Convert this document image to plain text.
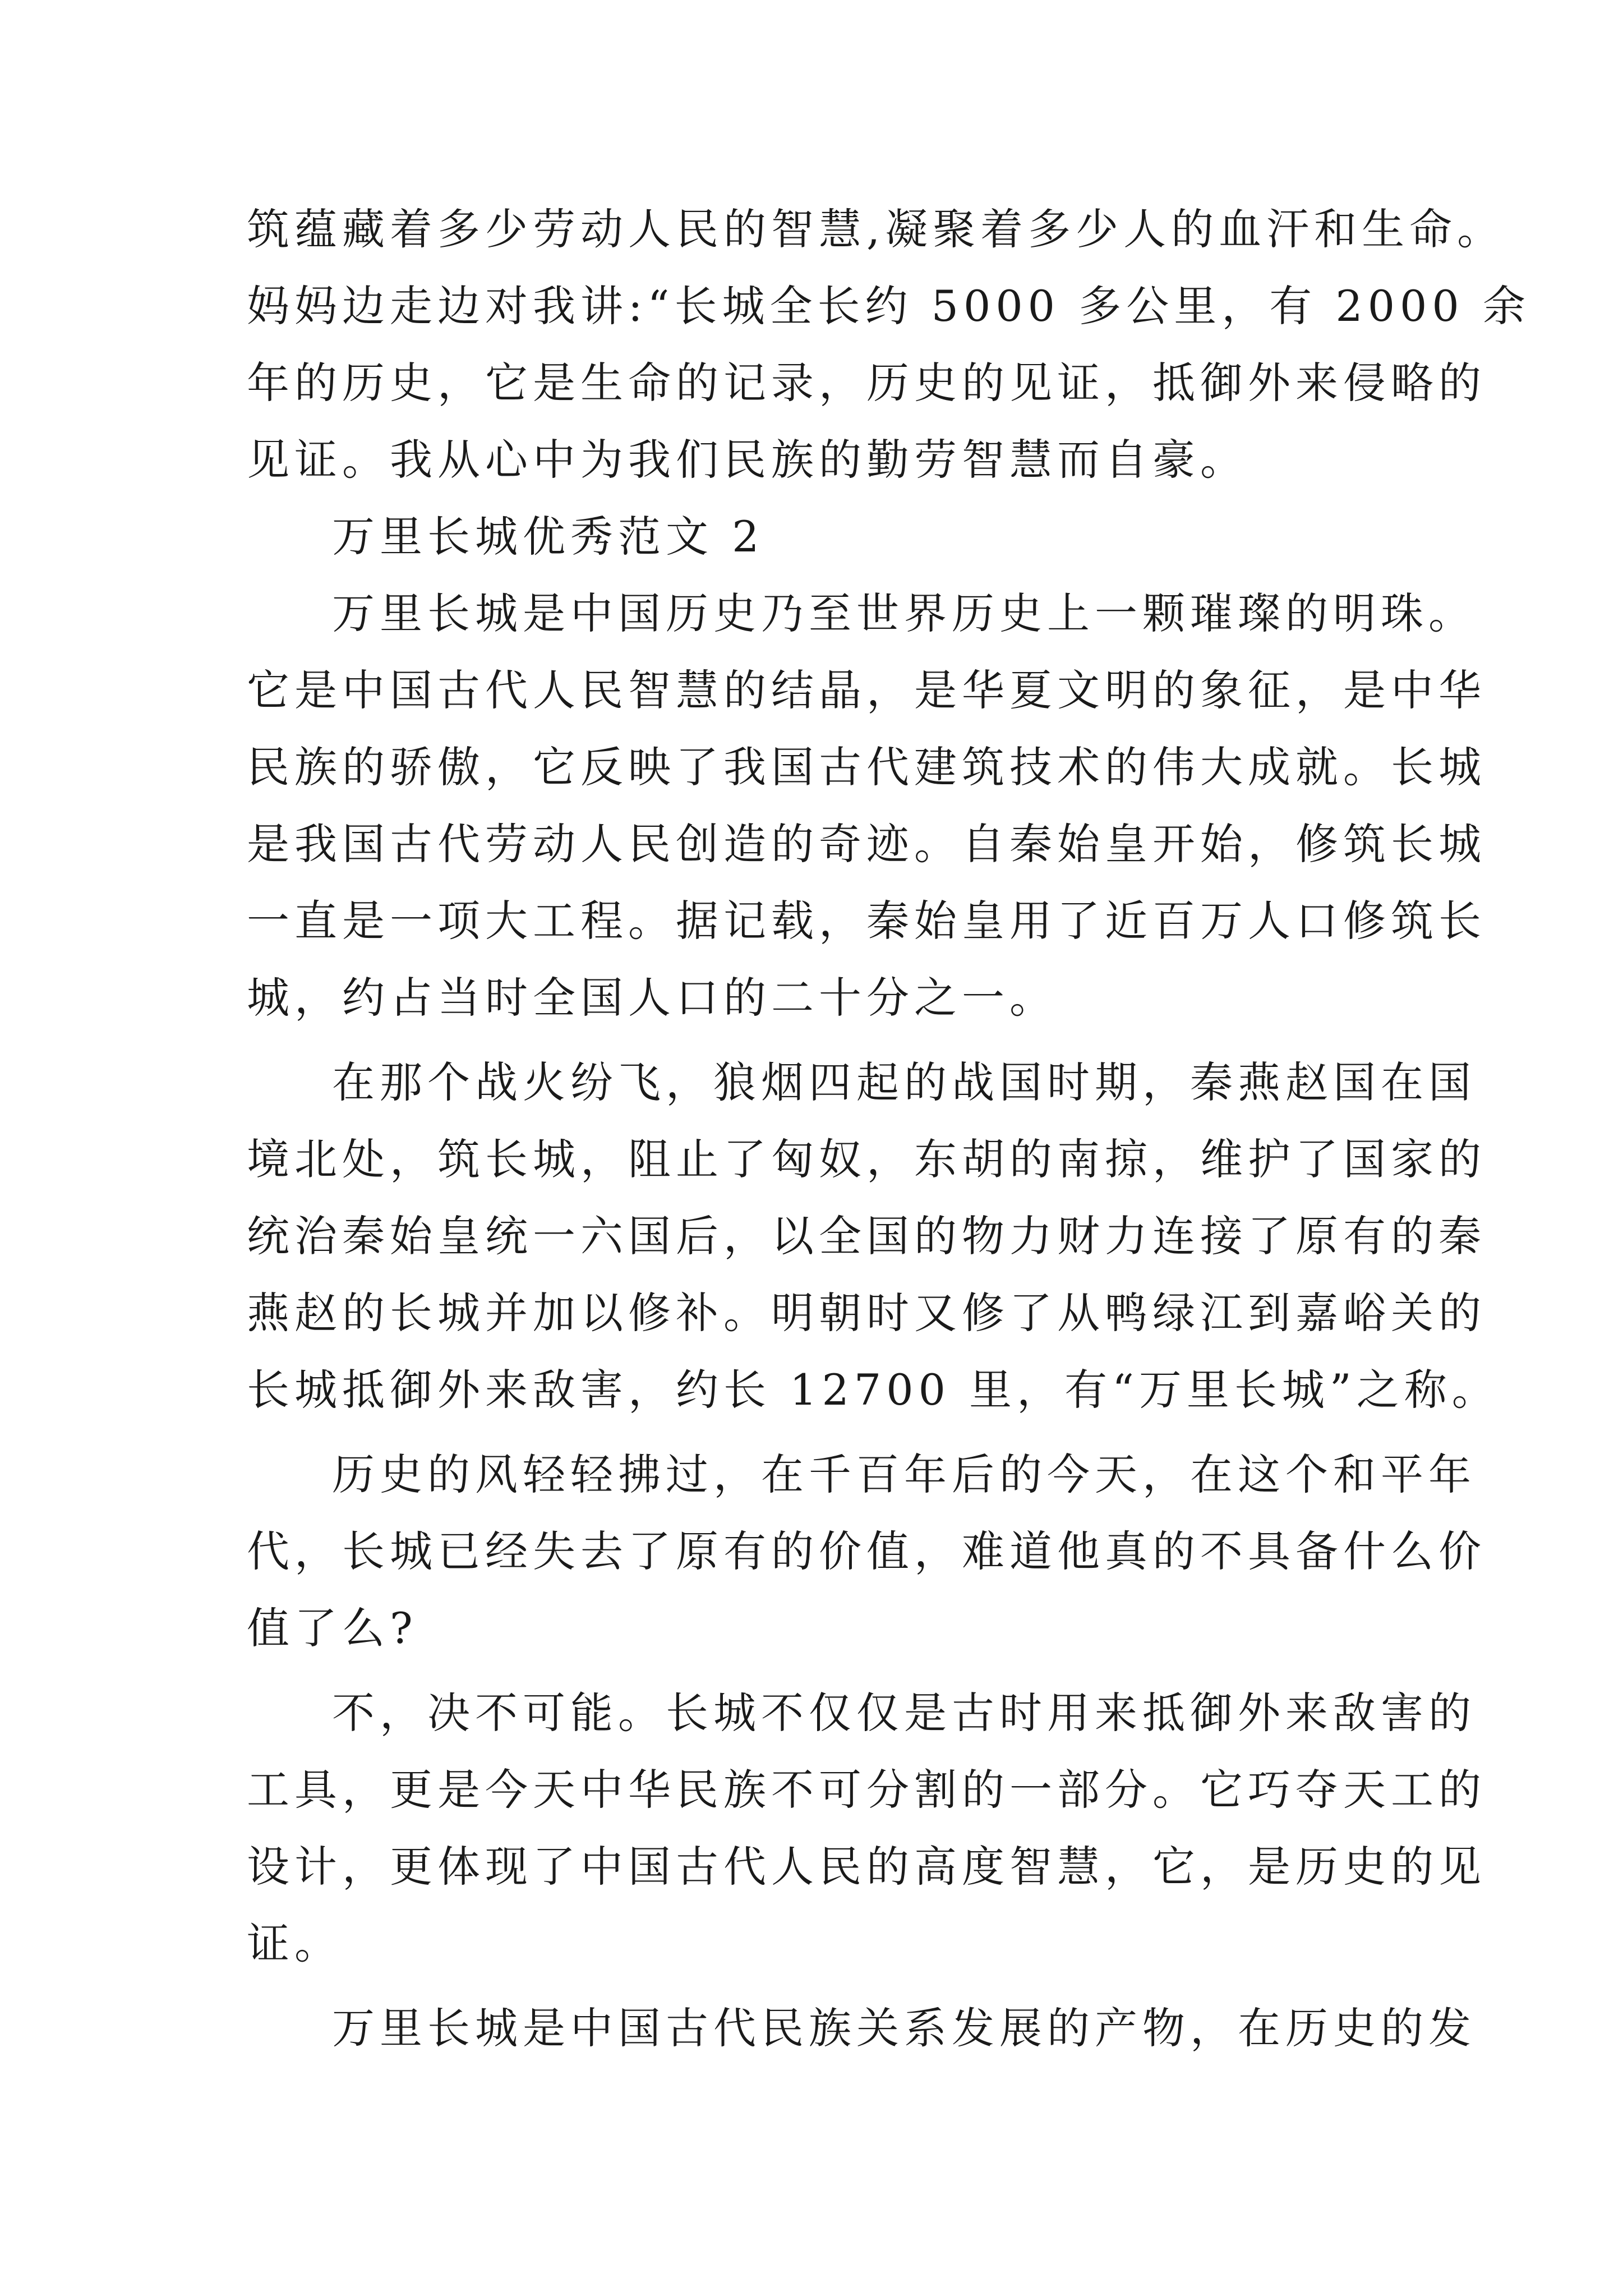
筑蕴藏着多少劳动人民的智慧,凝聚着多少人的血汗和生命。
妈妈边走边对我讲:“长城全长约 5000 多公里，有 2000 余
年的历史，它是生命的记录，历史的见证，抵御外来侵略的
见证。我从心中为我们民族的勤劳智慧而自豪。
万里长城优秀范文 2
万里长城是中国历史乃至世界历史上一颗璀璨的明珠。
它是中国古代人民智慧的结晶，是华夏文明的象征，是中华
民族的骄傲，它反映了我国古代建筑技术的伟大成就。长城
是我国古代劳动人民创造的奇迹。自秦始皇开始，修筑长城
一直是一项大工程。据记载，秦始皇用了近百万人口修筑长
城，约占当时全国人口的二十分之一。
在那个战火纷飞，狼烟四起的战国时期，秦燕赵国在国
境北处，筑长城，阻止了匈奴，东胡的南掠，维护了国家的
统治秦始皇统一六国后，以全国的物力财力连接了原有的秦
燕赵的长城并加以修补。明朝时又修了从鸭绿江到嘉峪关的
长城抵御外来敌害，约长 12700 里，有“万里长城”之称。
历史的风轻轻拂过，在千百年后的今天，在这个和平年
代，长城已经失去了原有的价值，难道他真的不具备什么价
值了么?
不，决不可能。长城不仅仅是古时用来抵御外来敌害的
工具，更是今天中华民族不可分割的一部分。它巧夺天工的
设计，更体现了中国古代人民的高度智慧，它，是历史的见
证。
万里长城是中国古代民族关系发展的产物，在历史的发
